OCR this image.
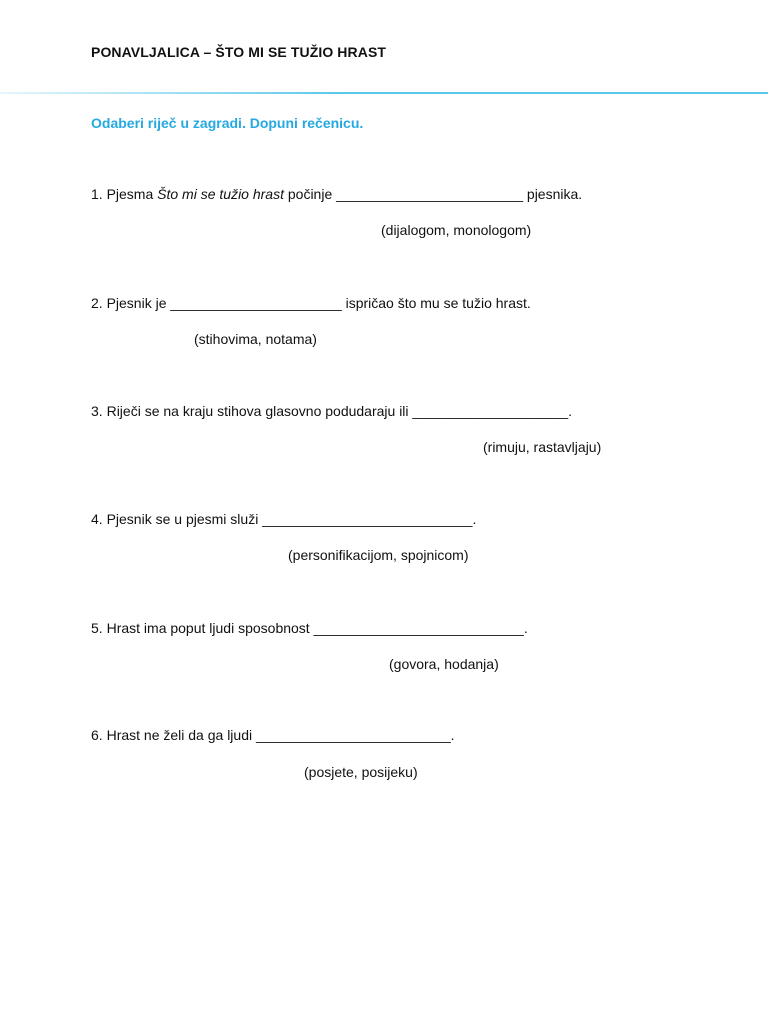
PONAVLJALICA – ŠTO MI SE TUŽIO HRAST
Odaberi riječ u zagradi. Dopuni rečenicu.
1. Pjesma Što mi se tužio hrast počinje ________________________ pjesnika.
(dijalogom, monologom)
2. Pjesnik je ______________________ ispričao što mu se tužio hrast.
(stihovima, notama)
3. Riječi se na kraju stihova glasovno podudaraju ili ____________________.
(rimuju, rastavljaju)
4. Pjesnik se u pjesmi služi ___________________________.
(personifikacijom, spojnicom)
5. Hrast ima poput ljudi sposobnost ___________________________.
(govora, hodanja)
6. Hrast ne želi da ga ljudi _________________________.
(posjete, posijeku)
